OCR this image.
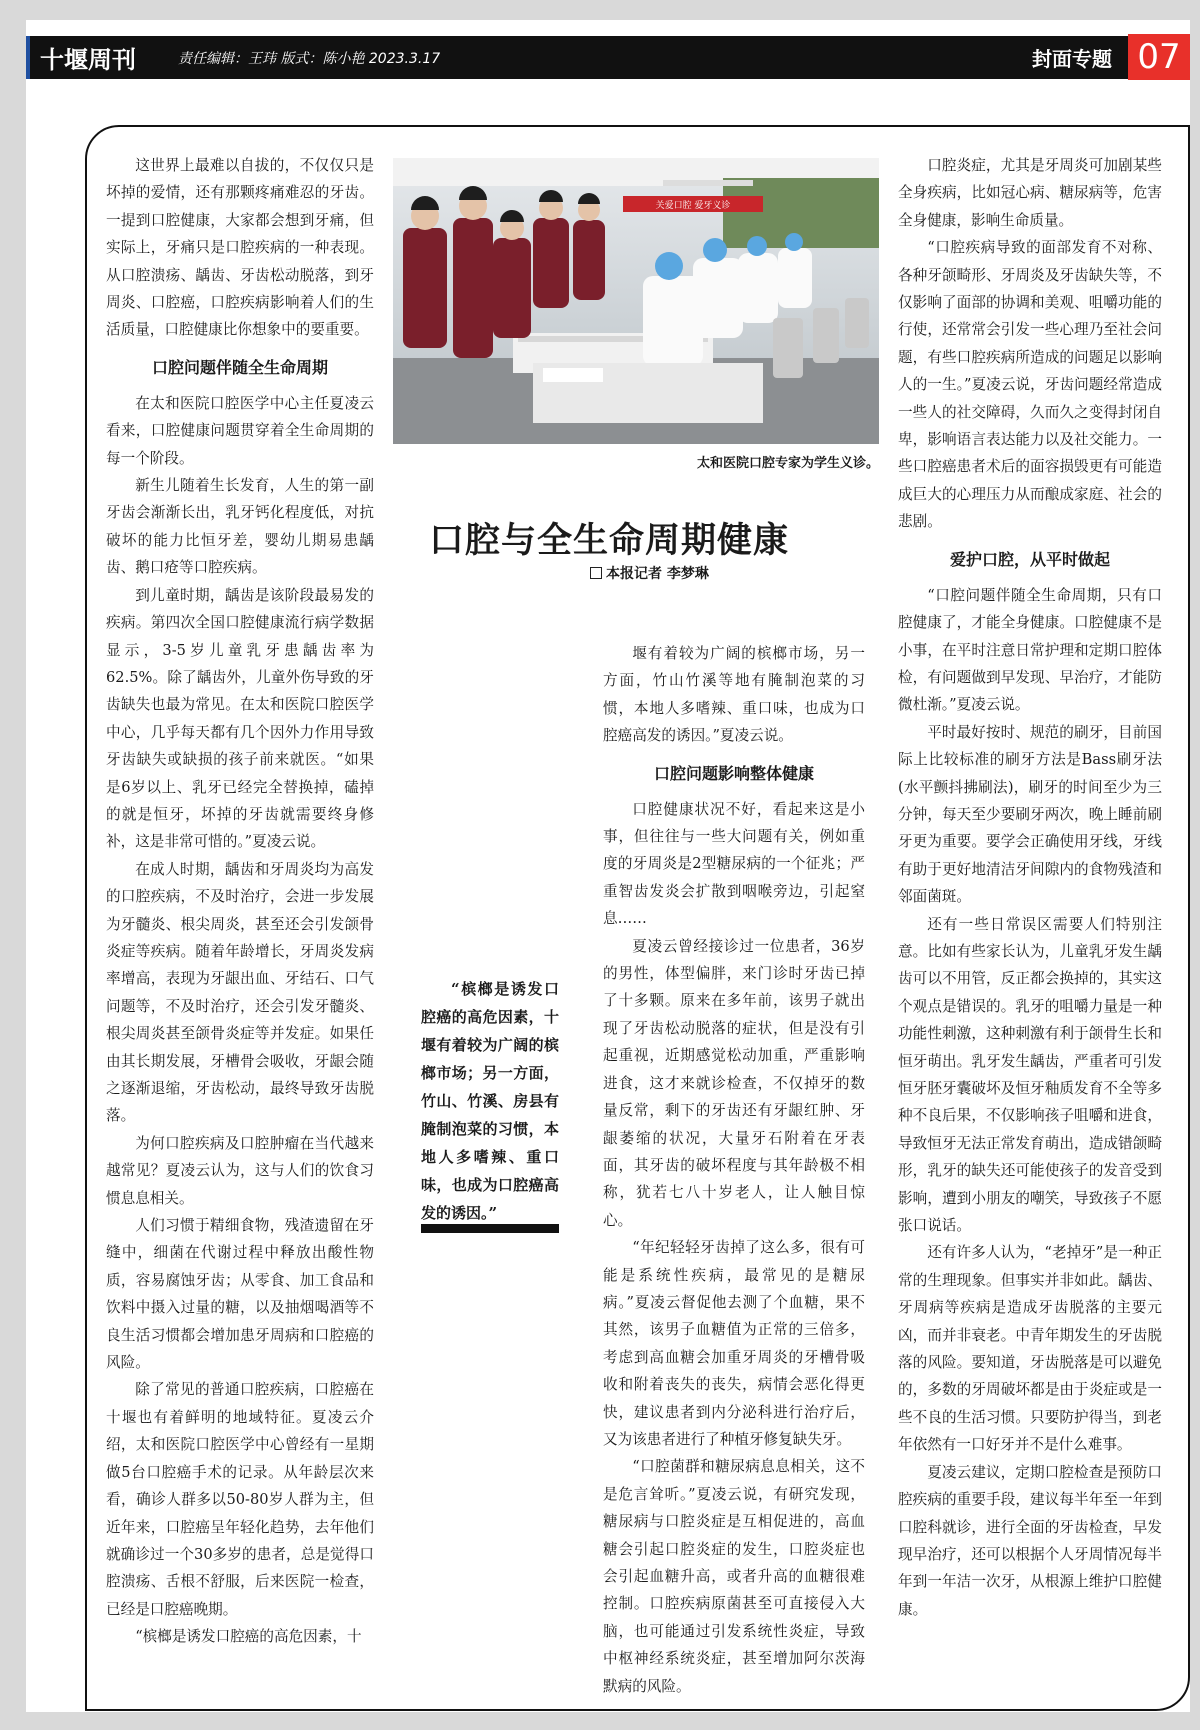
十堰周刊	责任编辑：王玮 版式：陈小艳 2023.3.17	封面专题 07

这世界上最难以自拔的，不仅仅只是坏掉的爱情，还有那颗疼痛难忍的牙齿。一提到口腔健康，大家都会想到牙痛，但实际上，牙痛只是口腔疾病的一种表现。从口腔溃疡、龋齿、牙齿松动脱落，到牙周炎、口腔癌，口腔疾病影响着人们的生活质量，口腔健康比你想象中的要重要。

口腔问题伴随全生命周期

在太和医院口腔医学中心主任夏凌云看来，口腔健康问题贯穿着全生命周期的每一个阶段。

新生儿随着生长发育，人生的第一副牙齿会渐渐长出，乳牙钙化程度低，对抗破坏的能力比恒牙差，婴幼儿期易患龋齿、鹅口疮等口腔疾病。

到儿童时期，龋齿是该阶段最易发的疾病。第四次全国口腔健康流行病学数据显示，3-5岁儿童乳牙患龋齿率为62.5%。除了龋齿外，儿童外伤导致的牙齿缺失也最为常见。在太和医院口腔医学中心，几乎每天都有几个因外力作用导致牙齿缺失或缺损的孩子前来就医。“如果是6岁以上、乳牙已经完全替换掉，磕掉的就是恒牙，坏掉的牙齿就需要终身修补，这是非常可惜的。”夏凌云说。

在成人时期，龋齿和牙周炎均为高发的口腔疾病，不及时治疗，会进一步发展为牙髓炎、根尖周炎，甚至还会引发颌骨炎症等疾病。随着年龄增长，牙周炎发病率增高，表现为牙龈出血、牙结石、口气问题等，不及时治疗，还会引发牙髓炎、根尖周炎甚至颌骨炎症等并发症。如果任由其长期发展，牙槽骨会吸收，牙龈会随之逐渐退缩，牙齿松动，最终导致牙齿脱落。

为何口腔疾病及口腔肿瘤在当代越来越常见？夏凌云认为，这与人们的饮食习惯息息相关。

人们习惯于精细食物，残渣遗留在牙缝中，细菌在代谢过程中释放出酸性物质，容易腐蚀牙齿；从零食、加工食品和饮料中摄入过量的糖，以及抽烟喝酒等不良生活习惯都会增加患牙周病和口腔癌的风险。

除了常见的普通口腔疾病，口腔癌在十堰也有着鲜明的地域特征。夏凌云介绍，太和医院口腔医学中心曾经有一星期做5台口腔癌手术的记录。从年龄层次来看，确诊人群多以50-80岁人群为主，但近年来，口腔癌呈年轻化趋势，去年他们就确诊过一个30多岁的患者，总是觉得口腔溃疡、舌根不舒服，后来医院一检查，已经是口腔癌晚期。

“槟榔是诱发口腔癌的高危因素，十

关爱口腔 爱牙义诊
太和医院口腔专家为学生义诊。
口腔与全生命周期健康
本报记者 李梦琳

“槟榔是诱发口腔癌的高危因素，十堰有着较为广阔的槟榔市场；另一方面，竹山、竹溪、房县有腌制泡菜的习惯，本地人多嗜辣、重口味，也成为口腔癌高发的诱因。”

堰有着较为广阔的槟榔市场，另一方面，竹山竹溪等地有腌制泡菜的习惯，本地人多嗜辣、重口味，也成为口腔癌高发的诱因。”夏凌云说。

口腔问题影响整体健康

口腔健康状况不好，看起来这是小事，但往往与一些大问题有关，例如重度的牙周炎是2型糖尿病的一个征兆；严重智齿发炎会扩散到咽喉旁边，引起窒息……

夏凌云曾经接诊过一位患者，36岁的男性，体型偏胖，来门诊时牙齿已掉了十多颗。原来在多年前，该男子就出现了牙齿松动脱落的症状，但是没有引起重视，近期感觉松动加重，严重影响进食，这才来就诊检查，不仅掉牙的数量反常，剩下的牙齿还有牙龈红肿、牙龈萎缩的状况，大量牙石附着在牙表面，其牙齿的破坏程度与其年龄极不相称，犹若七八十岁老人，让人触目惊心。

“年纪轻轻牙齿掉了这么多，很有可能是系统性疾病，最常见的是糖尿病。”夏凌云督促他去测了个血糖，果不其然，该男子血糖值为正常的三倍多，考虑到高血糖会加重牙周炎的牙槽骨吸收和附着丧失的丧失，病情会恶化得更快，建议患者到内分泌科进行治疗后，又为该患者进行了种植牙修复缺失牙。

“口腔菌群和糖尿病息息相关，这不是危言耸听。”夏凌云说，有研究发现，糖尿病与口腔炎症是互相促进的，高血糖会引起口腔炎症的发生，口腔炎症也会引起血糖升高，或者升高的血糖很难控制。口腔疾病原菌甚至可直接侵入大脑，也可能通过引发系统性炎症，导致中枢神经系统炎症，甚至增加阿尔茨海默病的风险。

口腔炎症，尤其是牙周炎可加剧某些全身疾病，比如冠心病、糖尿病等，危害全身健康，影响生命质量。

“口腔疾病导致的面部发育不对称、各种牙颌畸形、牙周炎及牙齿缺失等，不仅影响了面部的协调和美观、咀嚼功能的行使，还常常会引发一些心理乃至社会问题，有些口腔疾病所造成的问题足以影响人的一生。”夏凌云说，牙齿问题经常造成一些人的社交障碍，久而久之变得封闭自卑，影响语言表达能力以及社交能力。一些口腔癌患者术后的面容损毁更有可能造成巨大的心理压力从而酿成家庭、社会的悲剧。

爱护口腔，从平时做起

“口腔问题伴随全生命周期，只有口腔健康了，才能全身健康。口腔健康不是小事，在平时注意日常护理和定期口腔体检，有问题做到早发现、早治疗，才能防微杜渐。”夏凌云说。

平时最好按时、规范的刷牙，目前国际上比较标准的刷牙方法是Bass刷牙法(水平颤抖拂刷法)，刷牙的时间至少为三分钟，每天至少要刷牙两次，晚上睡前刷牙更为重要。要学会正确使用牙线，牙线有助于更好地清洁牙间隙内的食物残渣和邻面菌斑。

还有一些日常误区需要人们特别注意。比如有些家长认为，儿童乳牙发生龋齿可以不用管，反正都会换掉的，其实这个观点是错误的。乳牙的咀嚼力量是一种功能性刺激，这种刺激有利于颌骨生长和恒牙萌出。乳牙发生龋齿，严重者可引发恒牙胚牙囊破坏及恒牙釉质发育不全等多种不良后果，不仅影响孩子咀嚼和进食，导致恒牙无法正常发育萌出，造成错颌畸形，乳牙的缺失还可能使孩子的发音受到影响，遭到小朋友的嘲笑，导致孩子不愿张口说话。

还有许多人认为，“老掉牙”是一种正常的生理现象。但事实并非如此。龋齿、牙周病等疾病是造成牙齿脱落的主要元凶，而并非衰老。中青年期发生的牙齿脱落的风险。要知道，牙齿脱落是可以避免的，多数的牙周破坏都是由于炎症或是一些不良的生活习惯。只要防护得当，到老年依然有一口好牙并不是什么难事。

夏凌云建议，定期口腔检查是预防口腔疾病的重要手段，建议每半年至一年到口腔科就诊，进行全面的牙齿检查，早发现早治疗，还可以根据个人牙周情况每半年到一年洁一次牙，从根源上维护口腔健康。
